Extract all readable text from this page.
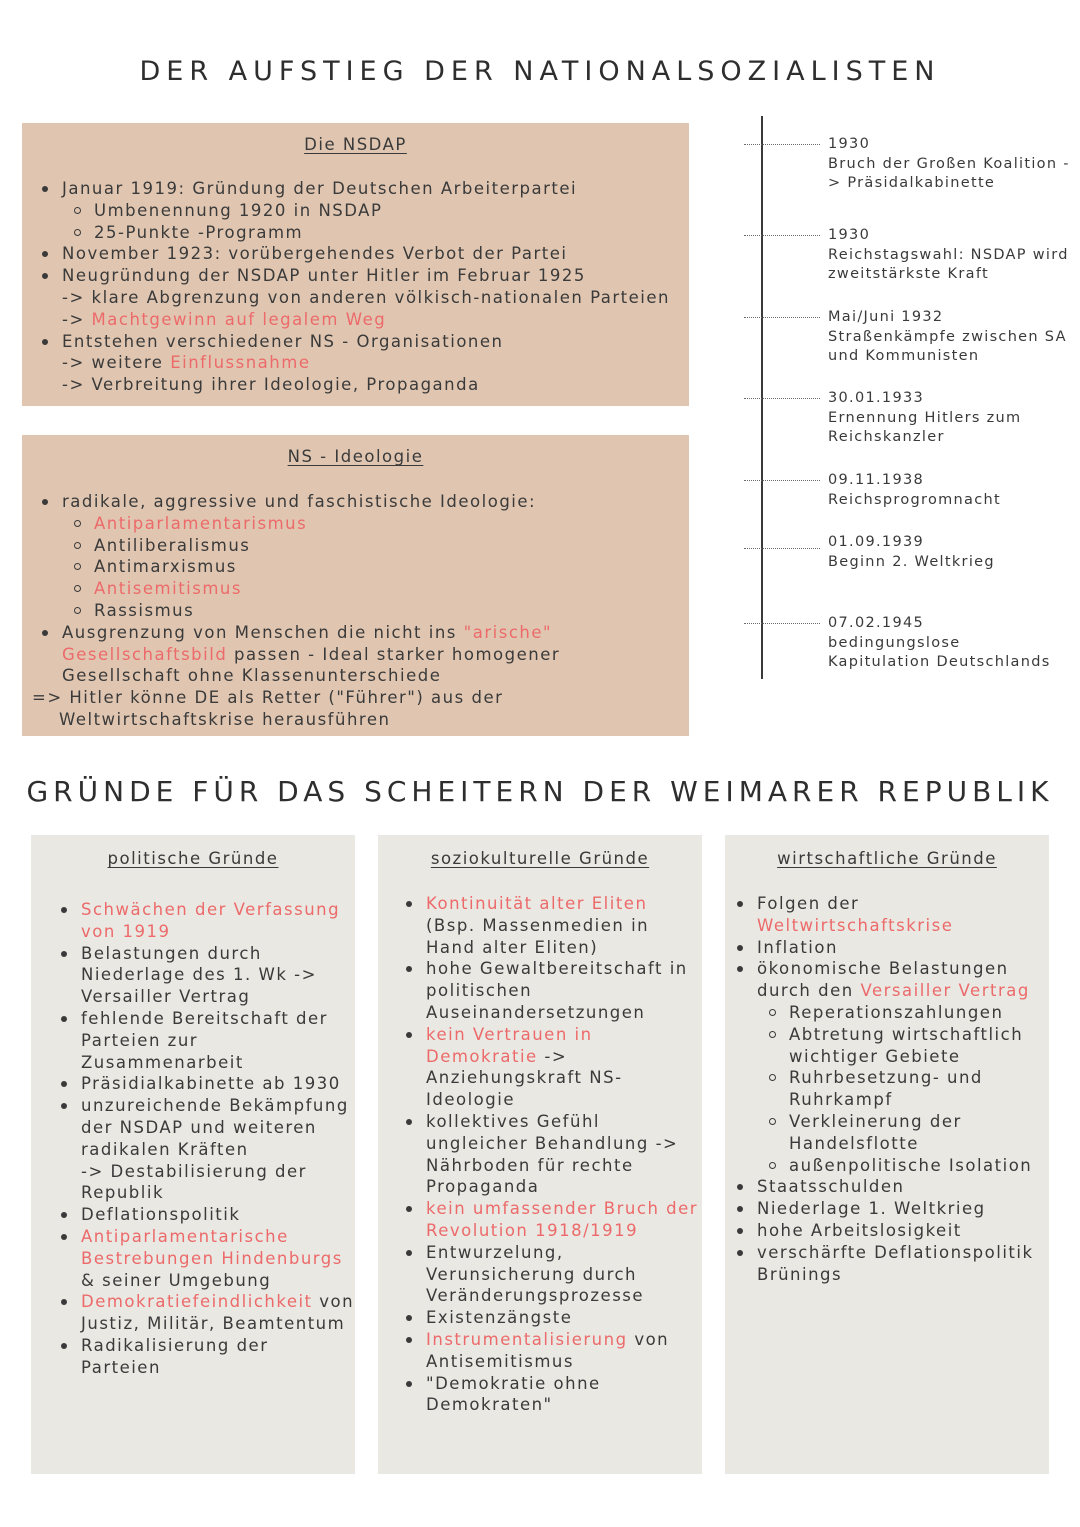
DER AUFSTIEG DER NATIONALSOZIALISTEN
Die NSDAP
Januar 1919: Gründung der Deutschen Arbeiterpartei
Umbenennung 1920 in NSDAP
25-Punkte -Programm
November 1923: vorübergehendes Verbot der Partei
Neugründung der NSDAP unter Hitler im Februar 1925
-> klare Abgrenzung von anderen völkisch-nationalen Parteien
-> Machtgewinn auf legalem Weg
Entstehen verschiedener NS - Organisationen
-> weitere Einflussnahme
-> Verbreitung ihrer Ideologie, Propaganda
NS - Ideologie
radikale, aggressive und faschistische Ideologie:
Antiparlamentarismus
Antiliberalismus
Antimarxismus
Antisemitismus
Rassismus
Ausgrenzung von Menschen die nicht ins "arische" Gesellschaftsbild passen - Ideal starker homogener Gesellschaft ohne Klassenunterschiede
=> Hitler könne DE als Retter ("Führer") aus der
Weltwirtschaftskrise herausführen
1930
Bruch der Großen Koalition -> Präsidalkabinette
1930
Reichstagswahl: NSDAP wird zweitstärkste Kraft
Mai/Juni 1932
Straßenkämpfe zwischen SA und Kommunisten
30.01.1933
Ernennung Hitlers zum Reichskanzler
09.11.1938
Reichsprogromnacht
01.09.1939
Beginn 2. Weltkrieg
07.02.1945
bedingungslose Kapitulation Deutschlands
GRÜNDE FÜR DAS SCHEITERN DER WEIMARER REPUBLIK
politische Gründe
Schwächen der Verfassung von 1919
Belastungen durch Niederlage des 1. Wk -> Versailler Vertrag
fehlende Bereitschaft der Parteien zur Zusammenarbeit
Präsidialkabinette ab 1930
unzureichende Bekämpfung der NSDAP und weiteren radikalen Kräften
-> Destabilisierung der Republik
Deflationspolitik
Antiparlamentarische Bestrebungen Hindenburgs & seiner Umgebung
Demokratiefeindlichkeit von Justiz, Militär, Beamtentum
Radikalisierung der Parteien
soziokulturelle Gründe
Kontinuität alter Eliten (Bsp. Massenmedien in Hand alter Eliten)
hohe Gewaltbereitschaft in politischen Auseinandersetzungen
kein Vertrauen in Demokratie -> Anziehungskraft NS-Ideologie
kollektives Gefühl ungleicher Behandlung -> Nährboden für rechte Propaganda
kein umfassender Bruch der Revolution 1918/1919
Entwurzelung, Verunsicherung durch Veränderungsprozesse
Existenzängste
Instrumentalisierung von Antisemitismus
"Demokratie ohne Demokraten"
wirtschaftliche Gründe
Folgen der Weltwirtschaftskrise
Inflation
ökonomische Belastungen durch den Versailler Vertrag
Reperationszahlungen
Abtretung wirtschaftlich wichtiger Gebiete
Ruhrbesetzung- und Ruhrkampf
Verkleinerung der Handelsflotte
außenpolitische Isolation
Staatsschulden
Niederlage 1. Weltkrieg
hohe Arbeitslosigkeit
verschärfte Deflationspolitik Brünings
